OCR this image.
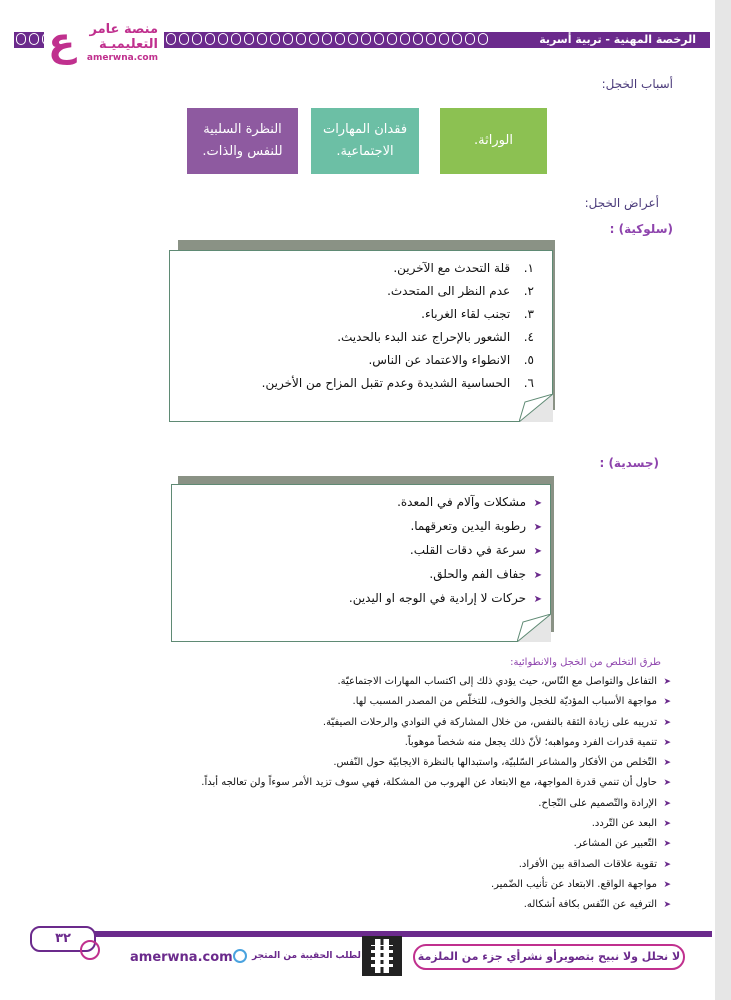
الرخصة المهنية - تربية أسرية
ع منصة عامر
التعليميـة
amerwna.com
أسباب الخجل:
الوراثة.
فقدان المهارات الاجتماعية.
النظرة السلبية للنفس والذات.
أعراض الخجل:
(سلوكية) :
١. قلة التحدث مع الآخرين.
٢. عدم النظر الى المتحدث.
٣. تجنب لقاء الغرباء.
٤. الشعور بالإحراج عند البدء بالحديث.
٥. الانطواء والاعتماد عن الناس.
٦. الحساسية الشديدة وعدم تقبل المزاح من الأخرين.
(جسدية) :
➤مشكلات وآلام في المعدة.
➤رطوبة اليدين وتعرقهما.
➤سرعة في دقات القلب.
➤جفاف الفم والحلق.
➤حركات لا إرادية في الوجه او اليدين.
طرق التخلص من الخجل والانطوائية:
➤التفاعل والتواصل مع النّاس، حيث يؤدي ذلك إلى اكتساب المهارات الاجتماعيّة.
➤مواجهة الأسباب المؤديّة للخجل والخوف، للتخلّص من المصدر المسبب لها.
➤تدريبه على زيادة الثقة بالنفس، من خلال المشاركة في النوادي والرحلات الصيفيّة.
➤تنمية قدرات الفرد ومواهبه؛ لأنّ ذلك يجعل منه شخصاً موهوباً.
➤التّخلص من الأفكار والمشاعر السّلبيّة، واستبدالها بالنظرة الايجابيّة حول النّفس.
➤حاول أن تنمي قدرة المواجهة، مع الابتعاد عن الهروب من المشكلة، فهي سوف تزيد الأمر سوءاً ولن تعالجه أبداً.
➤الإرادة والتّصميم على النّجاح.
➤البعد عن التّردد.
➤التّعبير عن المشاعر.
➤تقوية علاقات الصداقة بين الأفراد.
➤مواجهة الواقع. الابتعاد عن تأنيب الضّمير.
➤الترفيه عن النّفس بكافة أشكاله.
٣٢
amerwna.com لطلب الحقيبة من المتجر	لا نحلل ولا نبيح بتصويرأو نشرأي جزء من الملزمة
